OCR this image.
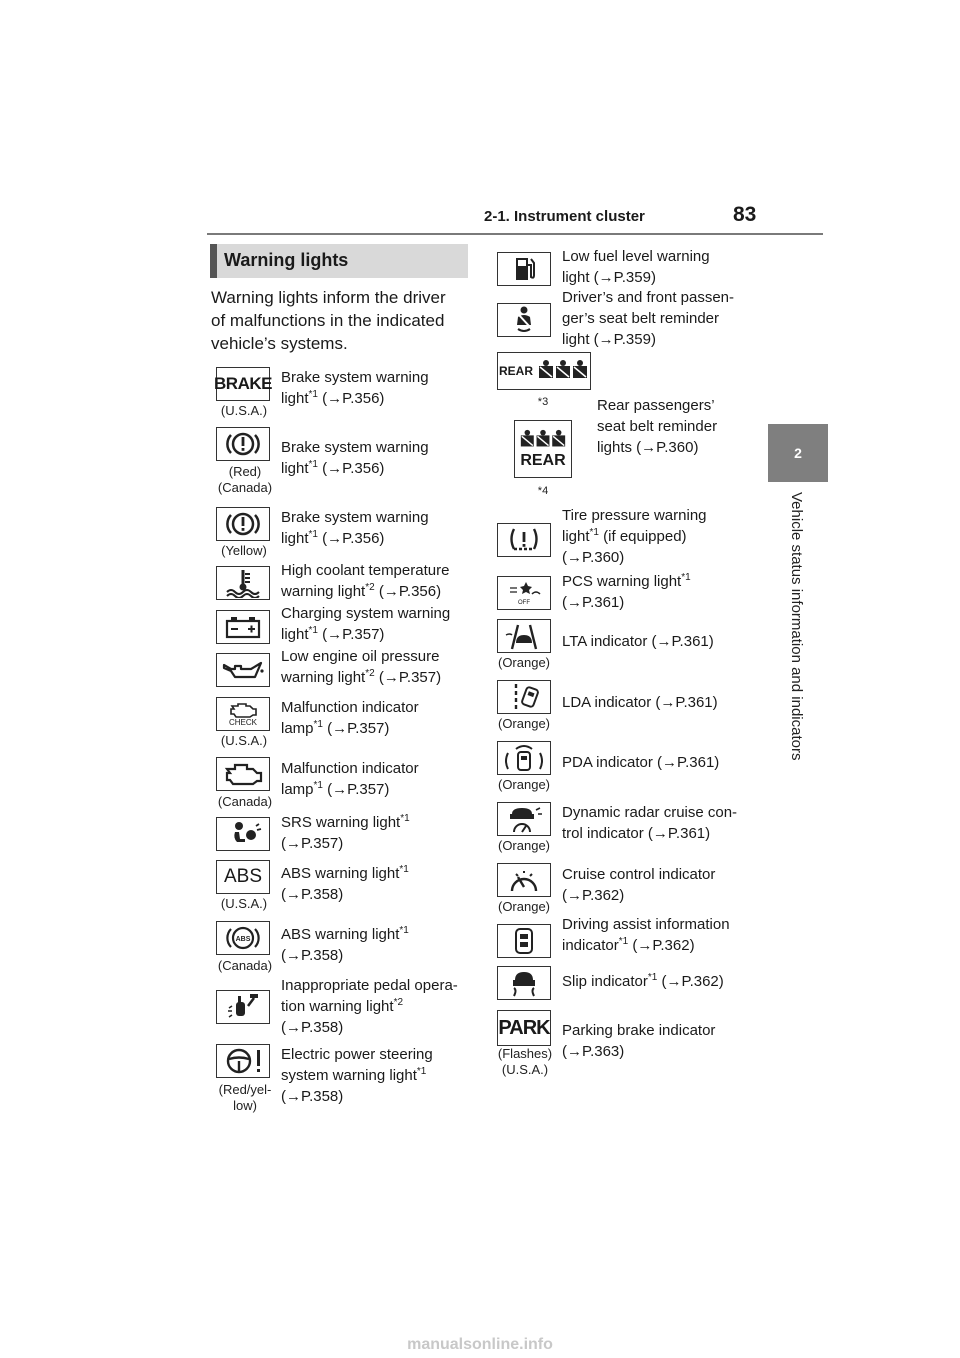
2-1. Instrument cluster	83
2
Vehicle status information and indicators
Warning lights
Warning lights inform the driver
of malfunctions in the indicated
vehicle’s systems.
BRAKE
(U.S.A.)
Brake system warning
light$^{*1}$ (→P.356)
(Red)
(Canada)
Brake system warning
light$^{*1}$ (→P.356)
(Yellow)
Brake system warning
light$^{*1}$ (→P.356)
High coolant temperature
warning light$^{*2}$ (→P.356)
Charging system warning
light$^{*1}$ (→P.357)
Low engine oil pressure
warning light$^{*2}$ (→P.357)
CHECK
(U.S.A.)
Malfunction indicator
lamp$^{*1}$ (→P.357)
(Canada)
Malfunction indicator
lamp$^{*1}$ (→P.357)
SRS warning light$^{*1}$
(→P.357)
ABS
(U.S.A.)
ABS warning light$^{*1}$
(→P.358)
ABS
(Canada)
ABS warning light$^{*1}$
(→P.358)
Inappropriate pedal opera-
tion warning light$^{*2}$
(→P.358)
(Red/yel-
low)
Electric power steering
system warning light$^{*1}$
(→P.358)
Low fuel level warning
light (→P.359)
Driver’s and front passen-
ger’s seat belt reminder
light (→P.359)
REAR
*3	Rear passengers’
seat belt reminder
lights (→P.360)
REAR
*4
Tire pressure warning
light$^{*1}$ (if equipped)
(→P.360)
OFF
PCS warning light$^{*1}$
(→P.361)
(Orange)
LTA indicator (→P.361)
(Orange)
LDA indicator (→P.361)
(Orange)
PDA indicator (→P.361)
(Orange)
Dynamic radar cruise con-
trol indicator (→P.361)
(Orange)
Cruise control indicator
(→P.362)
Driving assist information
indicator$^{*1}$ (→P.362)
Slip indicator$^{*1}$ (→P.362)
PARK
(Flashes)
(U.S.A.)
Parking brake indicator
(→P.363)
manualsonline.info
